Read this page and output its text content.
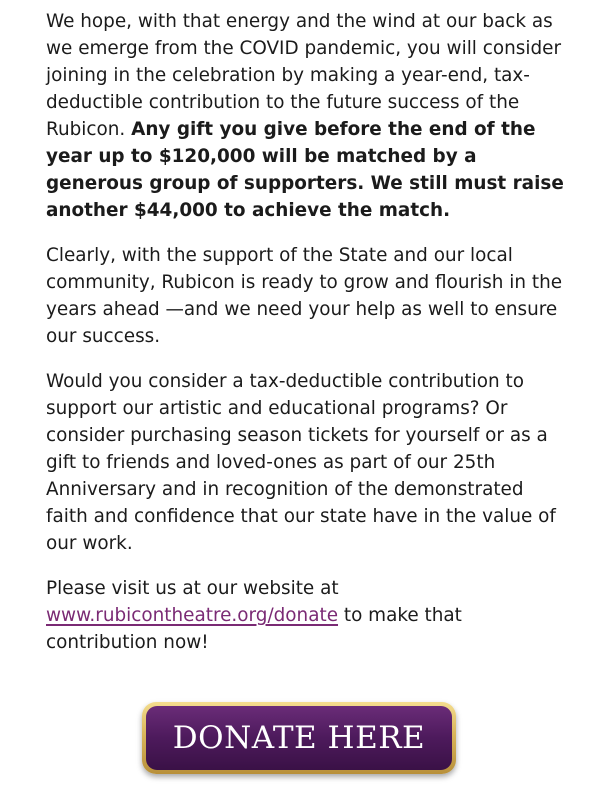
We hope, with that energy and the wind at our back as we emerge from the COVID pandemic, you will consider joining in the celebration by making a year-end, tax-deductible contribution to the future success of the Rubicon. Any gift you give before the end of the year up to $120,000 will be matched by a generous group of supporters. We still must raise another $44,000 to achieve the match.

Clearly, with the support of the State and our local community, Rubicon is ready to grow and flourish in the years ahead —and we need your help as well to ensure our success.

Would you consider a tax-deductible contribution to support our artistic and educational programs? Or consider purchasing season tickets for yourself or as a gift to friends and loved-ones as part of our 25th Anniversary and in recognition of the demonstrated faith and confidence that our state have in the value of our work.

Please visit us at our website at www.rubicontheatre.org/donate to make that contribution now!

DONATE HERE
